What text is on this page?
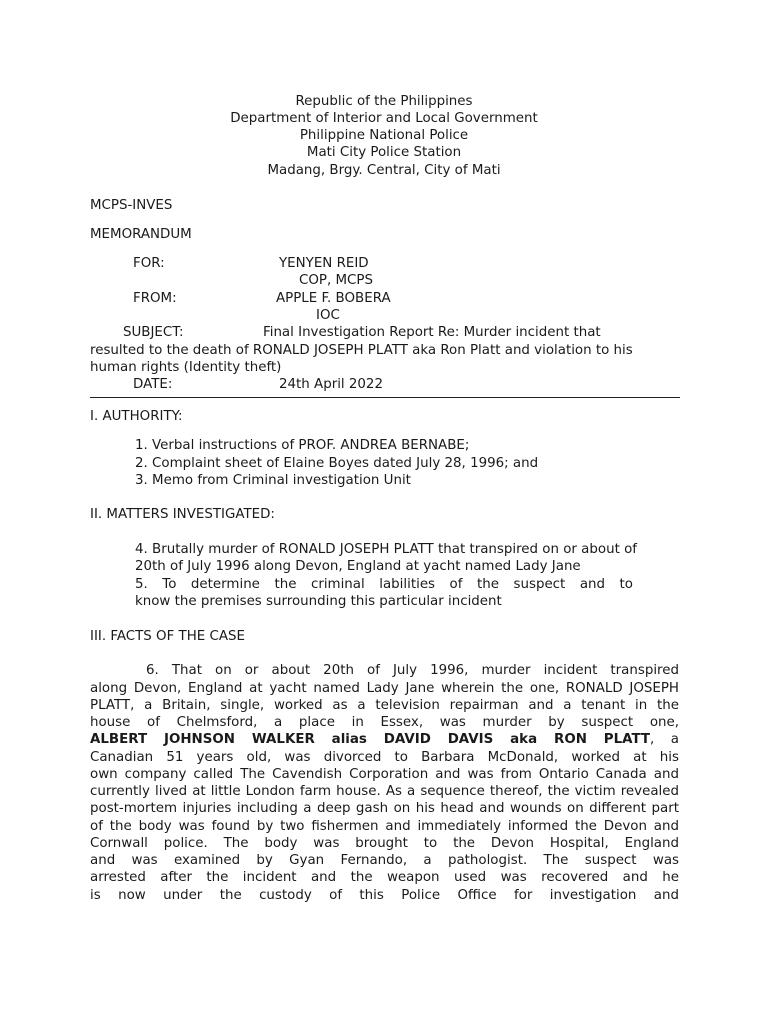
Republic of the Philippines
Department of Interior and Local Government
Philippine National Police
Mati City Police Station
Madang, Brgy. Central, City of Mati
MCPS-INVES
MEMORANDUM
FOR:	YENYEN REID
COP, MCPS
FROM:	APPLE F. BOBERA
IOC
SUBJECT:	Final Investigation Report Re: Murder incident that
resulted to the death of RONALD JOSEPH PLATT aka Ron Platt and violation to his
human rights (Identity theft)
DATE:	24th April 2022
I. AUTHORITY:
1. Verbal instructions of PROF. ANDREA BERNABE;
2. Complaint sheet of Elaine Boyes dated July 28, 1996; and
3. Memo from Criminal investigation Unit
II. MATTERS INVESTIGATED:
4. Brutally murder of RONALD JOSEPH PLATT that transpired on or about of
20th of July 1996 along Devon, England at yacht named Lady Jane
5. To determine the criminal labilities of the suspect and to
know the premises surrounding this particular incident
III. FACTS OF THE CASE
6. That on or about 20th of July 1996, murder incident transpired
along Devon, England at yacht named Lady Jane wherein the one, RONALD JOSEPH
PLATT, a Britain, single, worked as a television repairman and a tenant in the
house of Chelmsford, a place in Essex, was murder by suspect one,
ALBERT JOHNSON WALKER alias DAVID DAVIS aka RON PLATT, a
Canadian 51 years old, was divorced to Barbara McDonald, worked at his
own company called The Cavendish Corporation and was from Ontario Canada and
currently lived at little London farm house. As a sequence thereof, the victim revealed
post-mortem injuries including a deep gash on his head and wounds on different part
of the body was found by two fishermen and immediately informed the Devon and
Cornwall police. The body was brought to the Devon Hospital, England
and was examined by Gyan Fernando, a pathologist. The suspect was
arrested after the incident and the weapon used was recovered and he
is now under the custody of this Police Office for investigation and
